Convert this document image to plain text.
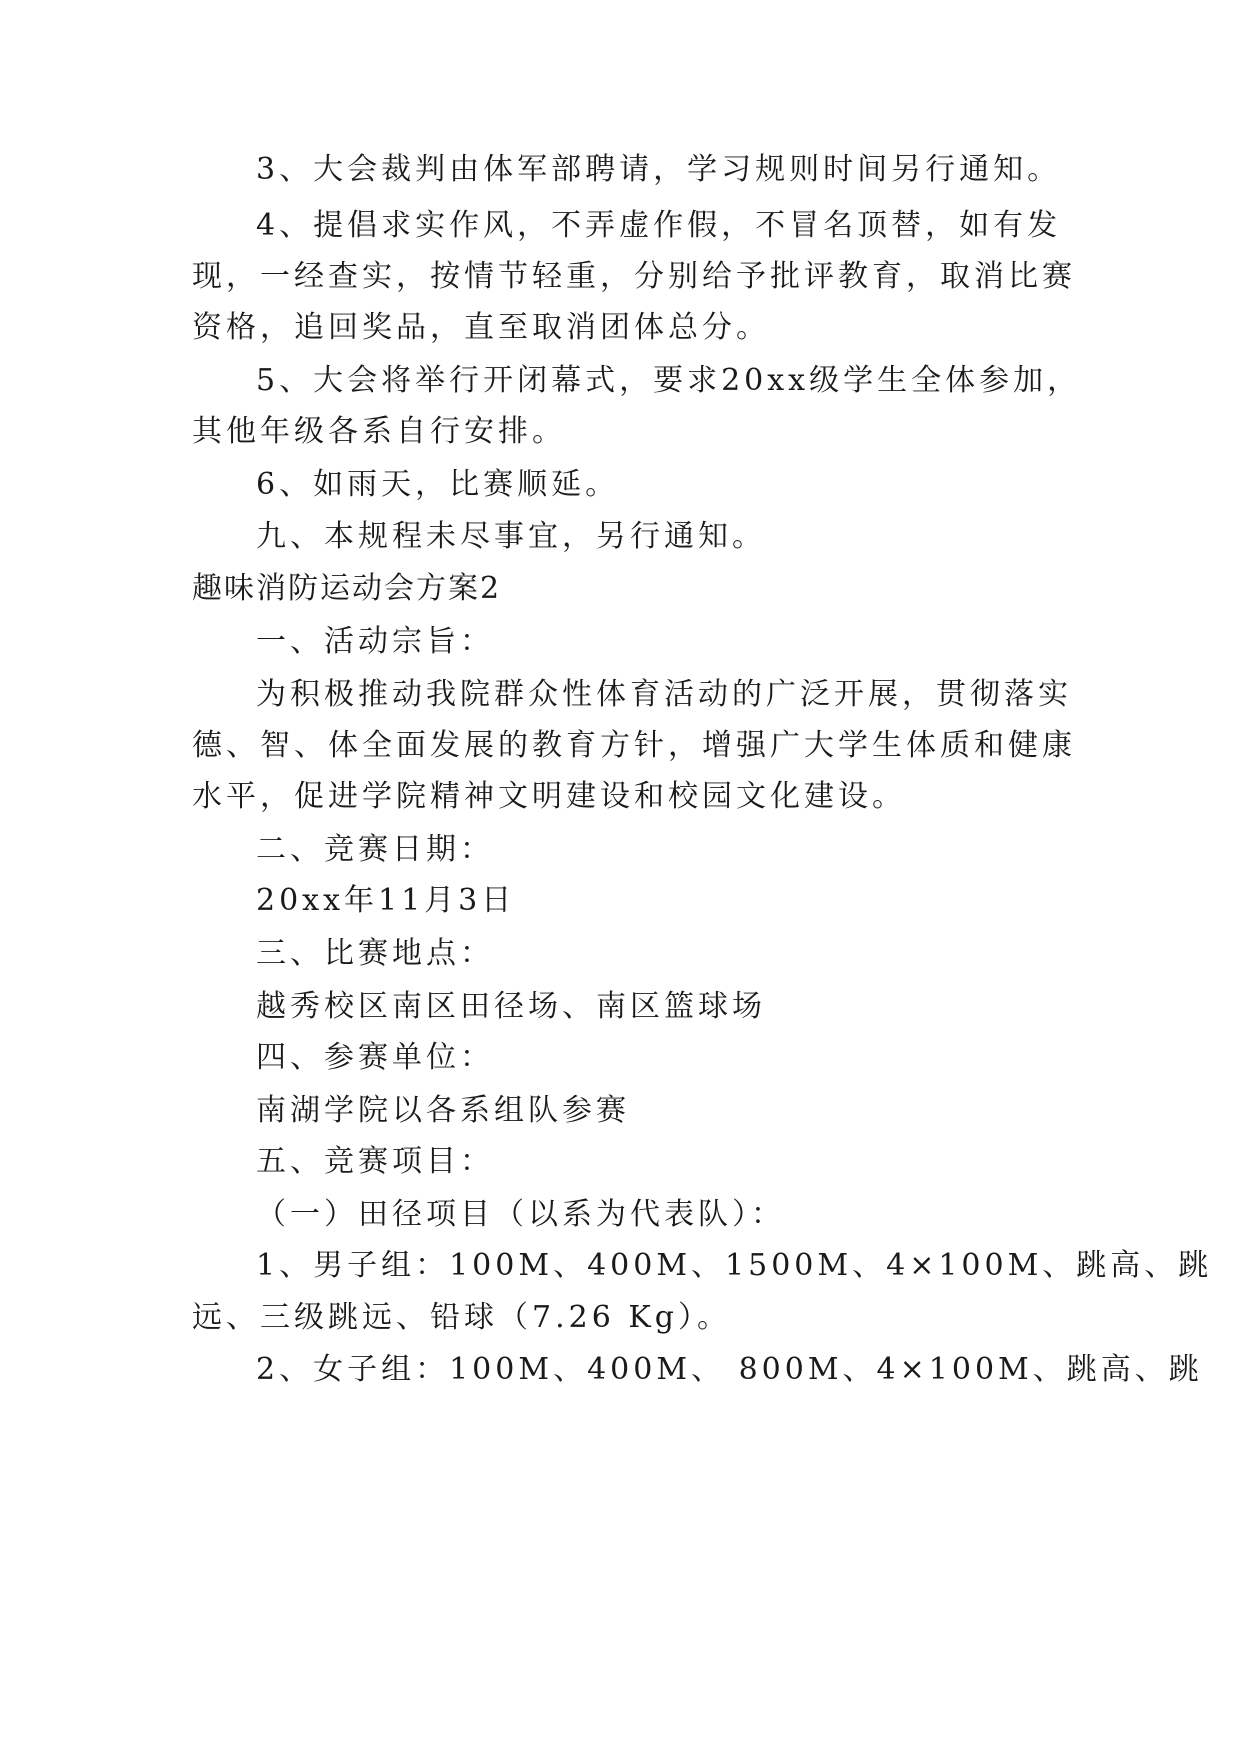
3、大会裁判由体军部聘请，学习规则时间另行通知。
4、提倡求实作风，不弄虚作假，不冒名顶替，如有发
现，一经查实，按情节轻重，分别给予批评教育，取消比赛
资格，追回奖品，直至取消团体总分。
5、大会将举行开闭幕式，要求20xx级学生全体参加，
其他年级各系自行安排。
6、如雨天，比赛顺延。
九、本规程未尽事宜，另行通知。
趣味消防运动会方案2
一、活动宗旨：
为积极推动我院群众性体育活动的广泛开展，贯彻落实
德、智、体全面发展的教育方针，增强广大学生体质和健康
水平，促进学院精神文明建设和校园文化建设。
二、竞赛日期：
20xx年11月3日
三、比赛地点：
越秀校区南区田径场、南区篮球场
四、参赛单位：
南湖学院以各系组队参赛
五、竞赛项目：
（一）田径项目（以系为代表队）：
1、男子组：100M、400M、1500M、4×100M、跳高、跳
远、三级跳远、铅球（7.26 Kg）。
2、女子组：100M、400M、 800M、4×100M、跳高、跳
